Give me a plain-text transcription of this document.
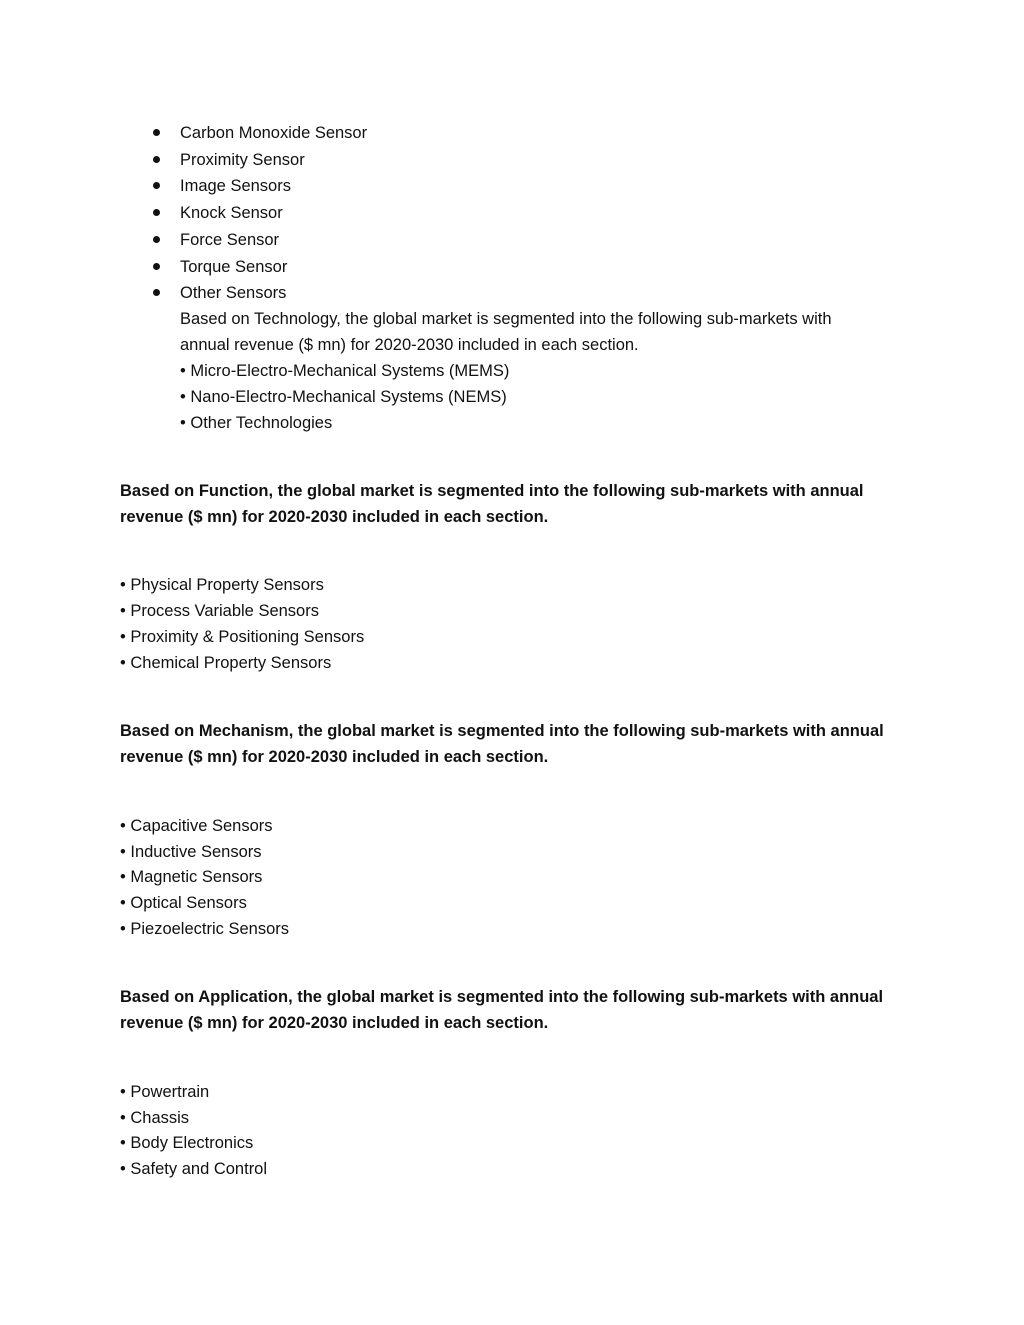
Carbon Monoxide Sensor
Proximity Sensor
Image Sensors
Knock Sensor
Force Sensor
Torque Sensor
Other Sensors
Based on Technology, the global market is segmented into the following sub-markets with
annual revenue ($ mn) for 2020-2030 included in each section.
• Micro-Electro-Mechanical Systems (MEMS)
• Nano-Electro-Mechanical Systems (NEMS)
• Other Technologies
Based on Function, the global market is segmented into the following sub-markets with annual
revenue ($ mn) for 2020-2030 included in each section.
• Physical Property Sensors
• Process Variable Sensors
• Proximity & Positioning Sensors
• Chemical Property Sensors
Based on Mechanism, the global market is segmented into the following sub-markets with annual
revenue ($ mn) for 2020-2030 included in each section.
• Capacitive Sensors
• Inductive Sensors
• Magnetic Sensors
• Optical Sensors
• Piezoelectric Sensors
Based on Application, the global market is segmented into the following sub-markets with annual
revenue ($ mn) for 2020-2030 included in each section.
• Powertrain
• Chassis
• Body Electronics
• Safety and Control
